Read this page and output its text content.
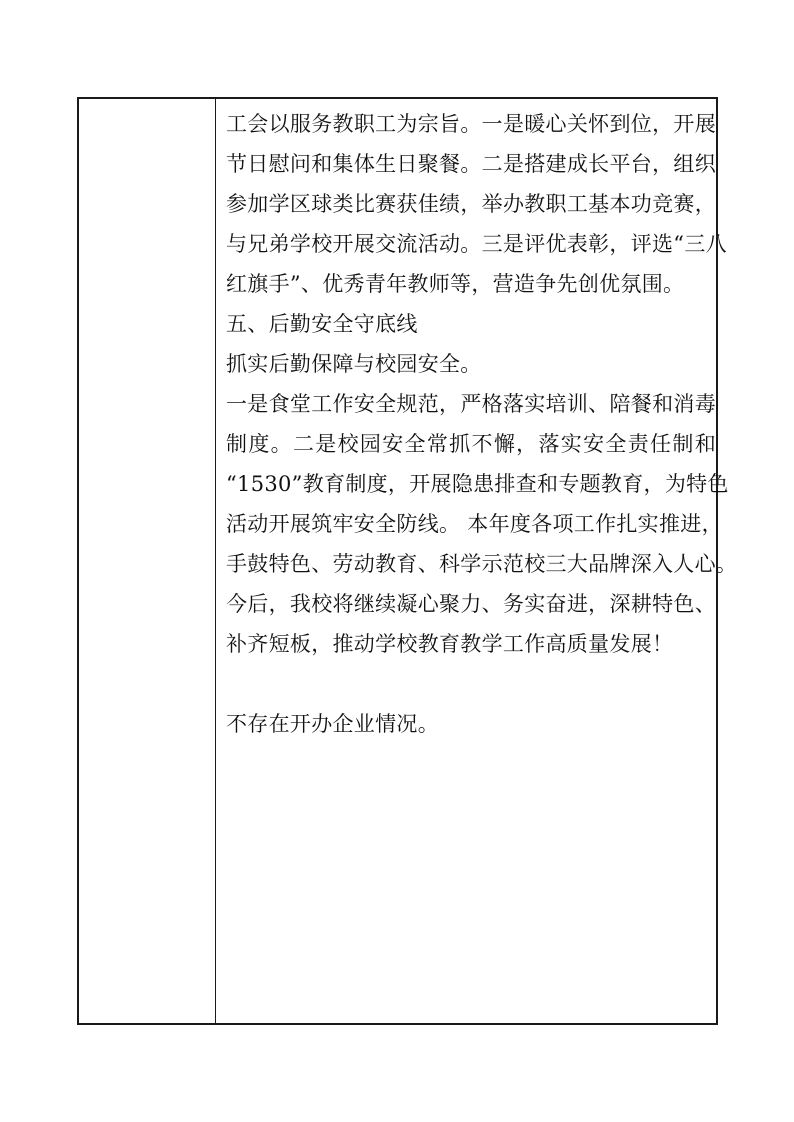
工会以服务教职工为宗旨。一是暖心关怀到位，开展
节日慰问和集体生日聚餐。二是搭建成长平台，组织
参加学区球类比赛获佳绩，举办教职工基本功竞赛，
与兄弟学校开展交流活动。三是评优表彰，评选“三八
红旗手”、优秀青年教师等，营造争先创优氛围。
五、后勤安全守底线
抓实后勤保障与校园安全。
一是食堂工作安全规范，严格落实培训、陪餐和消毒
制度。二是校园安全常抓不懈，落实安全责任制和
“1530”教育制度，开展隐患排查和专题教育，为特色
活动开展筑牢安全防线。 本年度各项工作扎实推进，
手鼓特色、劳动教育、科学示范校三大品牌深入人心。
今后，我校将继续凝心聚力、务实奋进，深耕特色、
补齐短板，推动学校教育教学工作高质量发展！
不存在开办企业情况。
